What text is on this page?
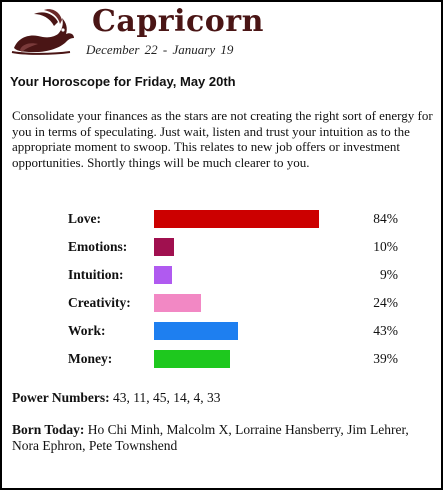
Capricorn
December 22 - January 19
Your Horoscope for Friday, May 20th
Consolidate your finances as the stars are not creating the right sort of energy for you in terms of speculating. Just wait, listen and trust your intuition as to the appropriate moment to swoop. This relates to new job offers or investment opportunities. Shortly things will be much clearer to you.
Love:	84%
Emotions:	10%
Intuition:	9%
Creativity:	24%
Work:	43%
Money:	39%
Power Numbers: 43, 11, 45, 14, 4, 33
Born Today: Ho Chi Minh, Malcolm X, Lorraine Hansberry, Jim Lehrer, Nora Ephron, Pete Townshend
